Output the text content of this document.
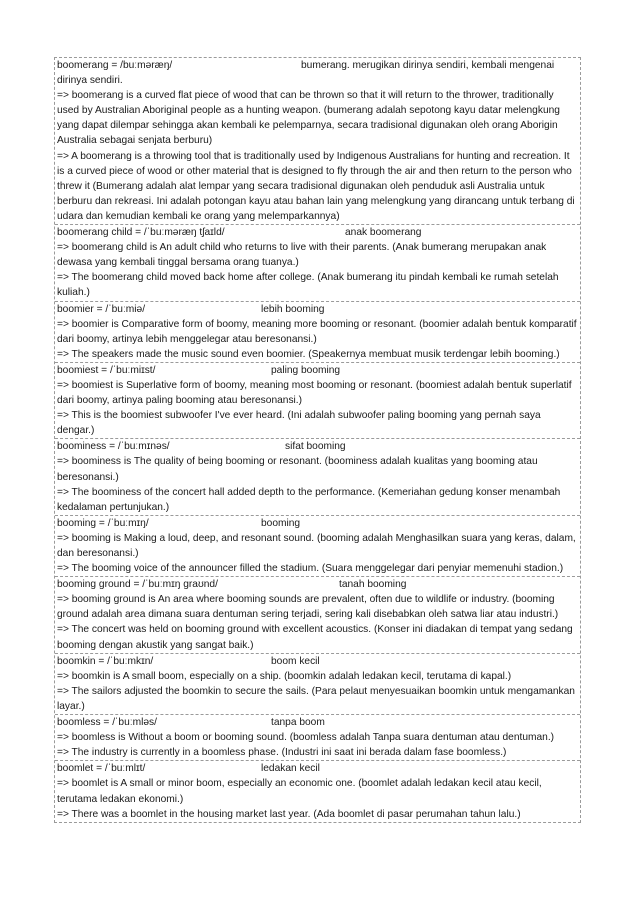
boomerang = /buːməræŋ/	bumerang. merugikan dirinya sendiri, kembali mengenai

dirinya sendiri.

=> boomerang is a curved flat piece of wood that can be thrown so that it will return to the thrower, traditionally used by Australian Aboriginal people as a hunting weapon. (bumerang adalah sepotong kayu datar melengkung yang dapat dilempar sehingga akan kembali ke pelemparnya, secara tradisional digunakan oleh orang Aborigin Australia sebagai senjata berburu)

=> A boomerang is a throwing tool that is traditionally used by Indigenous Australians for hunting and recreation. It is a curved piece of wood or other material that is designed to fly through the air and then return to the person who threw it (Bumerang adalah alat lempar yang secara tradisional digunakan oleh penduduk asli Australia untuk berburu dan rekreasi. Ini adalah potongan kayu atau bahan lain yang melengkung yang dirancang untuk terbang di udara dan kemudian kembali ke orang yang melemparkannya)

boomerang child = /ˈbuːməræŋ tʃaɪld/	anak boomerang

=> boomerang child is An adult child who returns to live with their parents. (Anak bumerang merupakan anak dewasa yang kembali tinggal bersama orang tuanya.)

=> The boomerang child moved back home after college. (Anak bumerang itu pindah kembali ke rumah setelah kuliah.)

boomier = /ˈbuːmiə/	lebih booming

=> boomier is Comparative form of boomy, meaning more booming or resonant. (boomier adalah bentuk komparatif dari boomy, artinya lebih menggelegar atau beresonansi.)

=> The speakers made the music sound even boomier. (Speakernya membuat musik terdengar lebih booming.)

boomiest = /ˈbuːmiɪst/	paling booming

=> boomiest is Superlative form of boomy, meaning most booming or resonant. (boomiest adalah bentuk superlatif dari boomy, artinya paling booming atau beresonansi.)

=> This is the boomiest subwoofer I've ever heard. (Ini adalah subwoofer paling booming yang pernah saya dengar.)

boominess = /ˈbuːmɪnəs/	sifat booming

=> boominess is The quality of being booming or resonant. (boominess adalah kualitas yang booming atau beresonansi.)

=> The boominess of the concert hall added depth to the performance. (Kemeriahan gedung konser menambah kedalaman pertunjukan.)

booming = /ˈbuːmɪŋ/	booming

=> booming is Making a loud, deep, and resonant sound. (booming adalah Menghasilkan suara yang keras, dalam, dan beresonansi.)

=> The booming voice of the announcer filled the stadium. (Suara menggelegar dari penyiar memenuhi stadion.)

booming ground = /ˈbuːmɪŋ graʊnd/	tanah booming

=> booming ground is An area where booming sounds are prevalent, often due to wildlife or industry. (booming ground adalah area dimana suara dentuman sering terjadi, sering kali disebabkan oleh satwa liar atau industri.)

=> The concert was held on booming ground with excellent acoustics. (Konser ini diadakan di tempat yang sedang booming dengan akustik yang sangat baik.)

boomkin = /ˈbuːmkɪn/	boom kecil

=> boomkin is A small boom, especially on a ship. (boomkin adalah ledakan kecil, terutama di kapal.)

=> The sailors adjusted the boomkin to secure the sails. (Para pelaut menyesuaikan boomkin untuk mengamankan layar.)

boomless = /ˈbuːmləs/	tanpa boom

=> boomless is Without a boom or booming sound. (boomless adalah Tanpa suara dentuman atau dentuman.)

=> The industry is currently in a boomless phase. (Industri ini saat ini berada dalam fase boomless.)

boomlet = /ˈbuːmlɪt/	ledakan kecil

=> boomlet is A small or minor boom, especially an economic one. (boomlet adalah ledakan kecil atau kecil, terutama ledakan ekonomi.)

=> There was a boomlet in the housing market last year. (Ada boomlet di pasar perumahan tahun lalu.)
